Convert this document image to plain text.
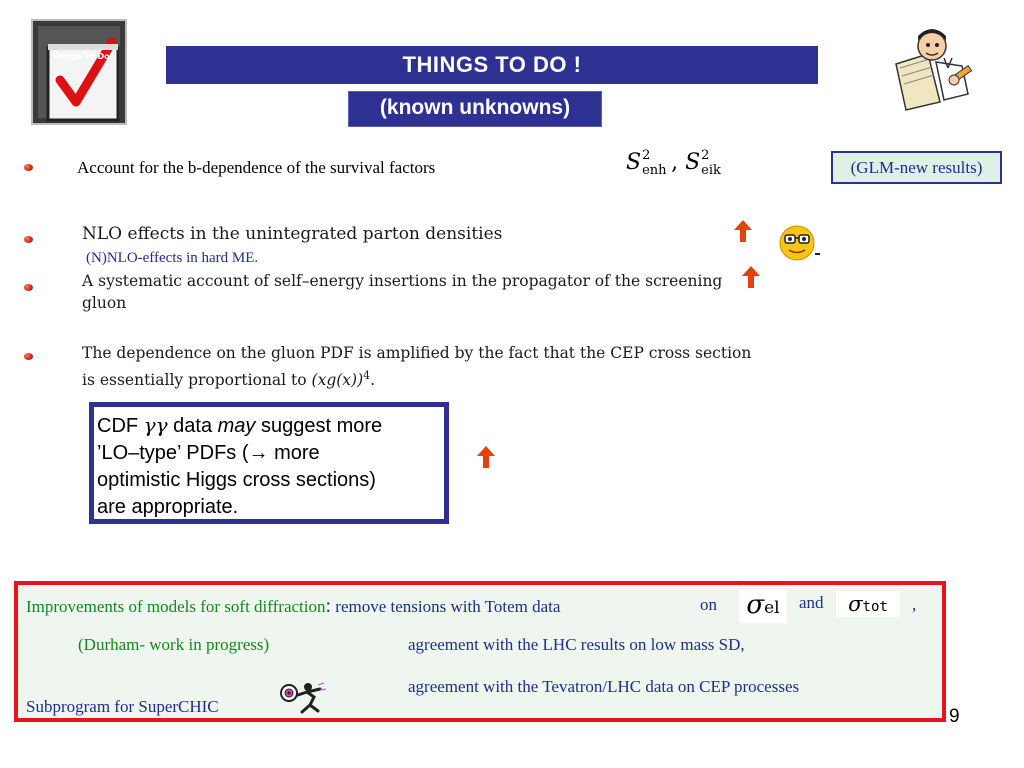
Things To Do!	THINGS TO DO !
(known unknowns)
Account for the b-dependence of the survival factors	S 2
enh , S 2
eik	(GLM-new results)
NLO effects in the unintegrated parton densities
(N)NLO-effects in hard ME.
A systematic account of self–energy insertions in the propagator of the screening
gluon
The dependence on the gluon PDF is amplified by the fact that the CEP cross section
is essentially proportional to $(xg(x))^4$.
CDF γγ data may suggest more
’LO–type’ PDFs (→ more
optimistic Higgs cross sections)
are appropriate.
Improvements of models for soft diffraction: remove tensions with Totem data	on σel	and	σtot	,
(Durham- work in progress)	agreement with the LHC results on low mass SD,
agreement with the Tevatron/LHC data on CEP processes
Subprogram for SuperCHIC	9
